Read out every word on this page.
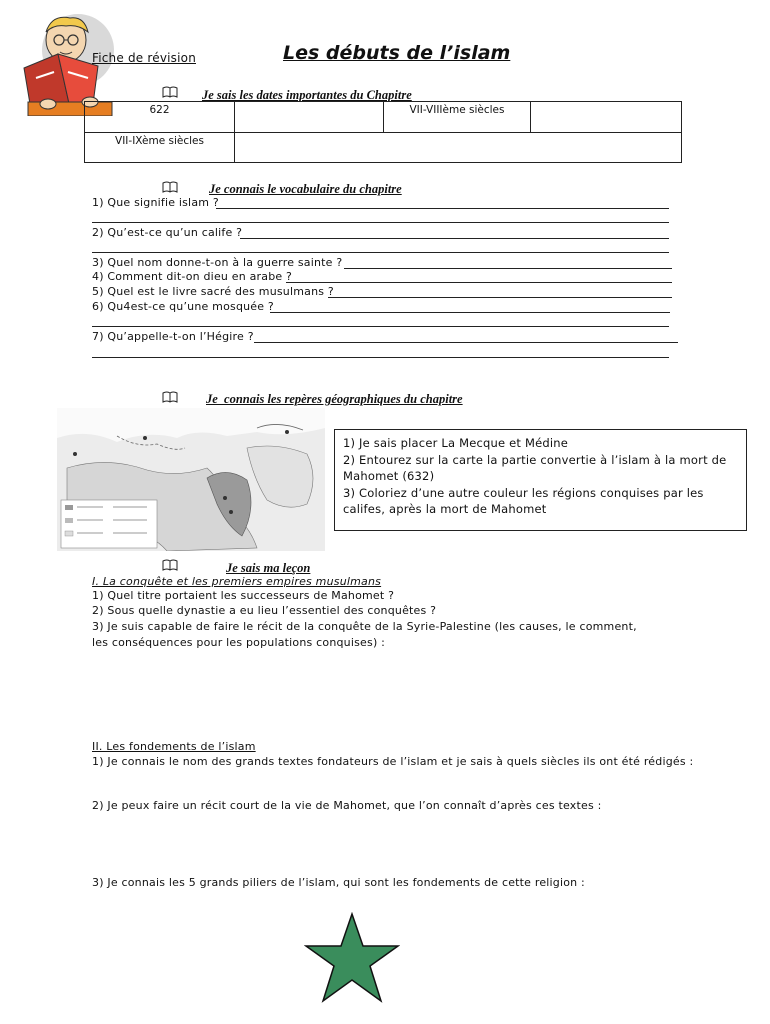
Fiche de révision	Les débuts de l’islam
Je sais les dates importantes du Chapitre
622		VII-VIIIème siècles	
VII-IXème siècles			
Je connais le vocabulaire du chapitre
1) Que signifie islam ?
2) Qu’est-ce qu’un calife ?
3) Quel nom donne-t-on à la guerre sainte ?
4) Comment dit-on dieu en arabe ?
5) Quel est le livre sacré des musulmans ?
6) Qu4est-ce qu’une mosquée ?
7) Qu’appelle-t-on l’Hégire ?
Je  connais les repères géographiques du chapitre
1) Je sais placer La Mecque et Médine
2) Entourez sur la carte la partie convertie à l’islam à la mort de Mahomet (632)
3) Coloriez d’une autre couleur les régions conquises par les califes, après la mort de Mahomet
Je sais ma leçon
I. La conquête et les premiers empires musulmans
1) Quel titre portaient les successeurs de Mahomet ?
2) Sous quelle dynastie a eu lieu l’essentiel des conquêtes ?
3) Je suis capable de faire le récit de la conquête de la Syrie-Palestine (les causes, le comment, les conséquences pour les populations conquises) :
II. Les fondements de l’islam
1) Je connais le nom des grands textes fondateurs de l’islam et je sais à quels siècles ils ont été rédigés :
2) Je peux faire un récit court de la vie de Mahomet, que l’on connaît d’après ces textes :
3) Je connais les 5 grands piliers de l’islam, qui sont les fondements de cette religion :
